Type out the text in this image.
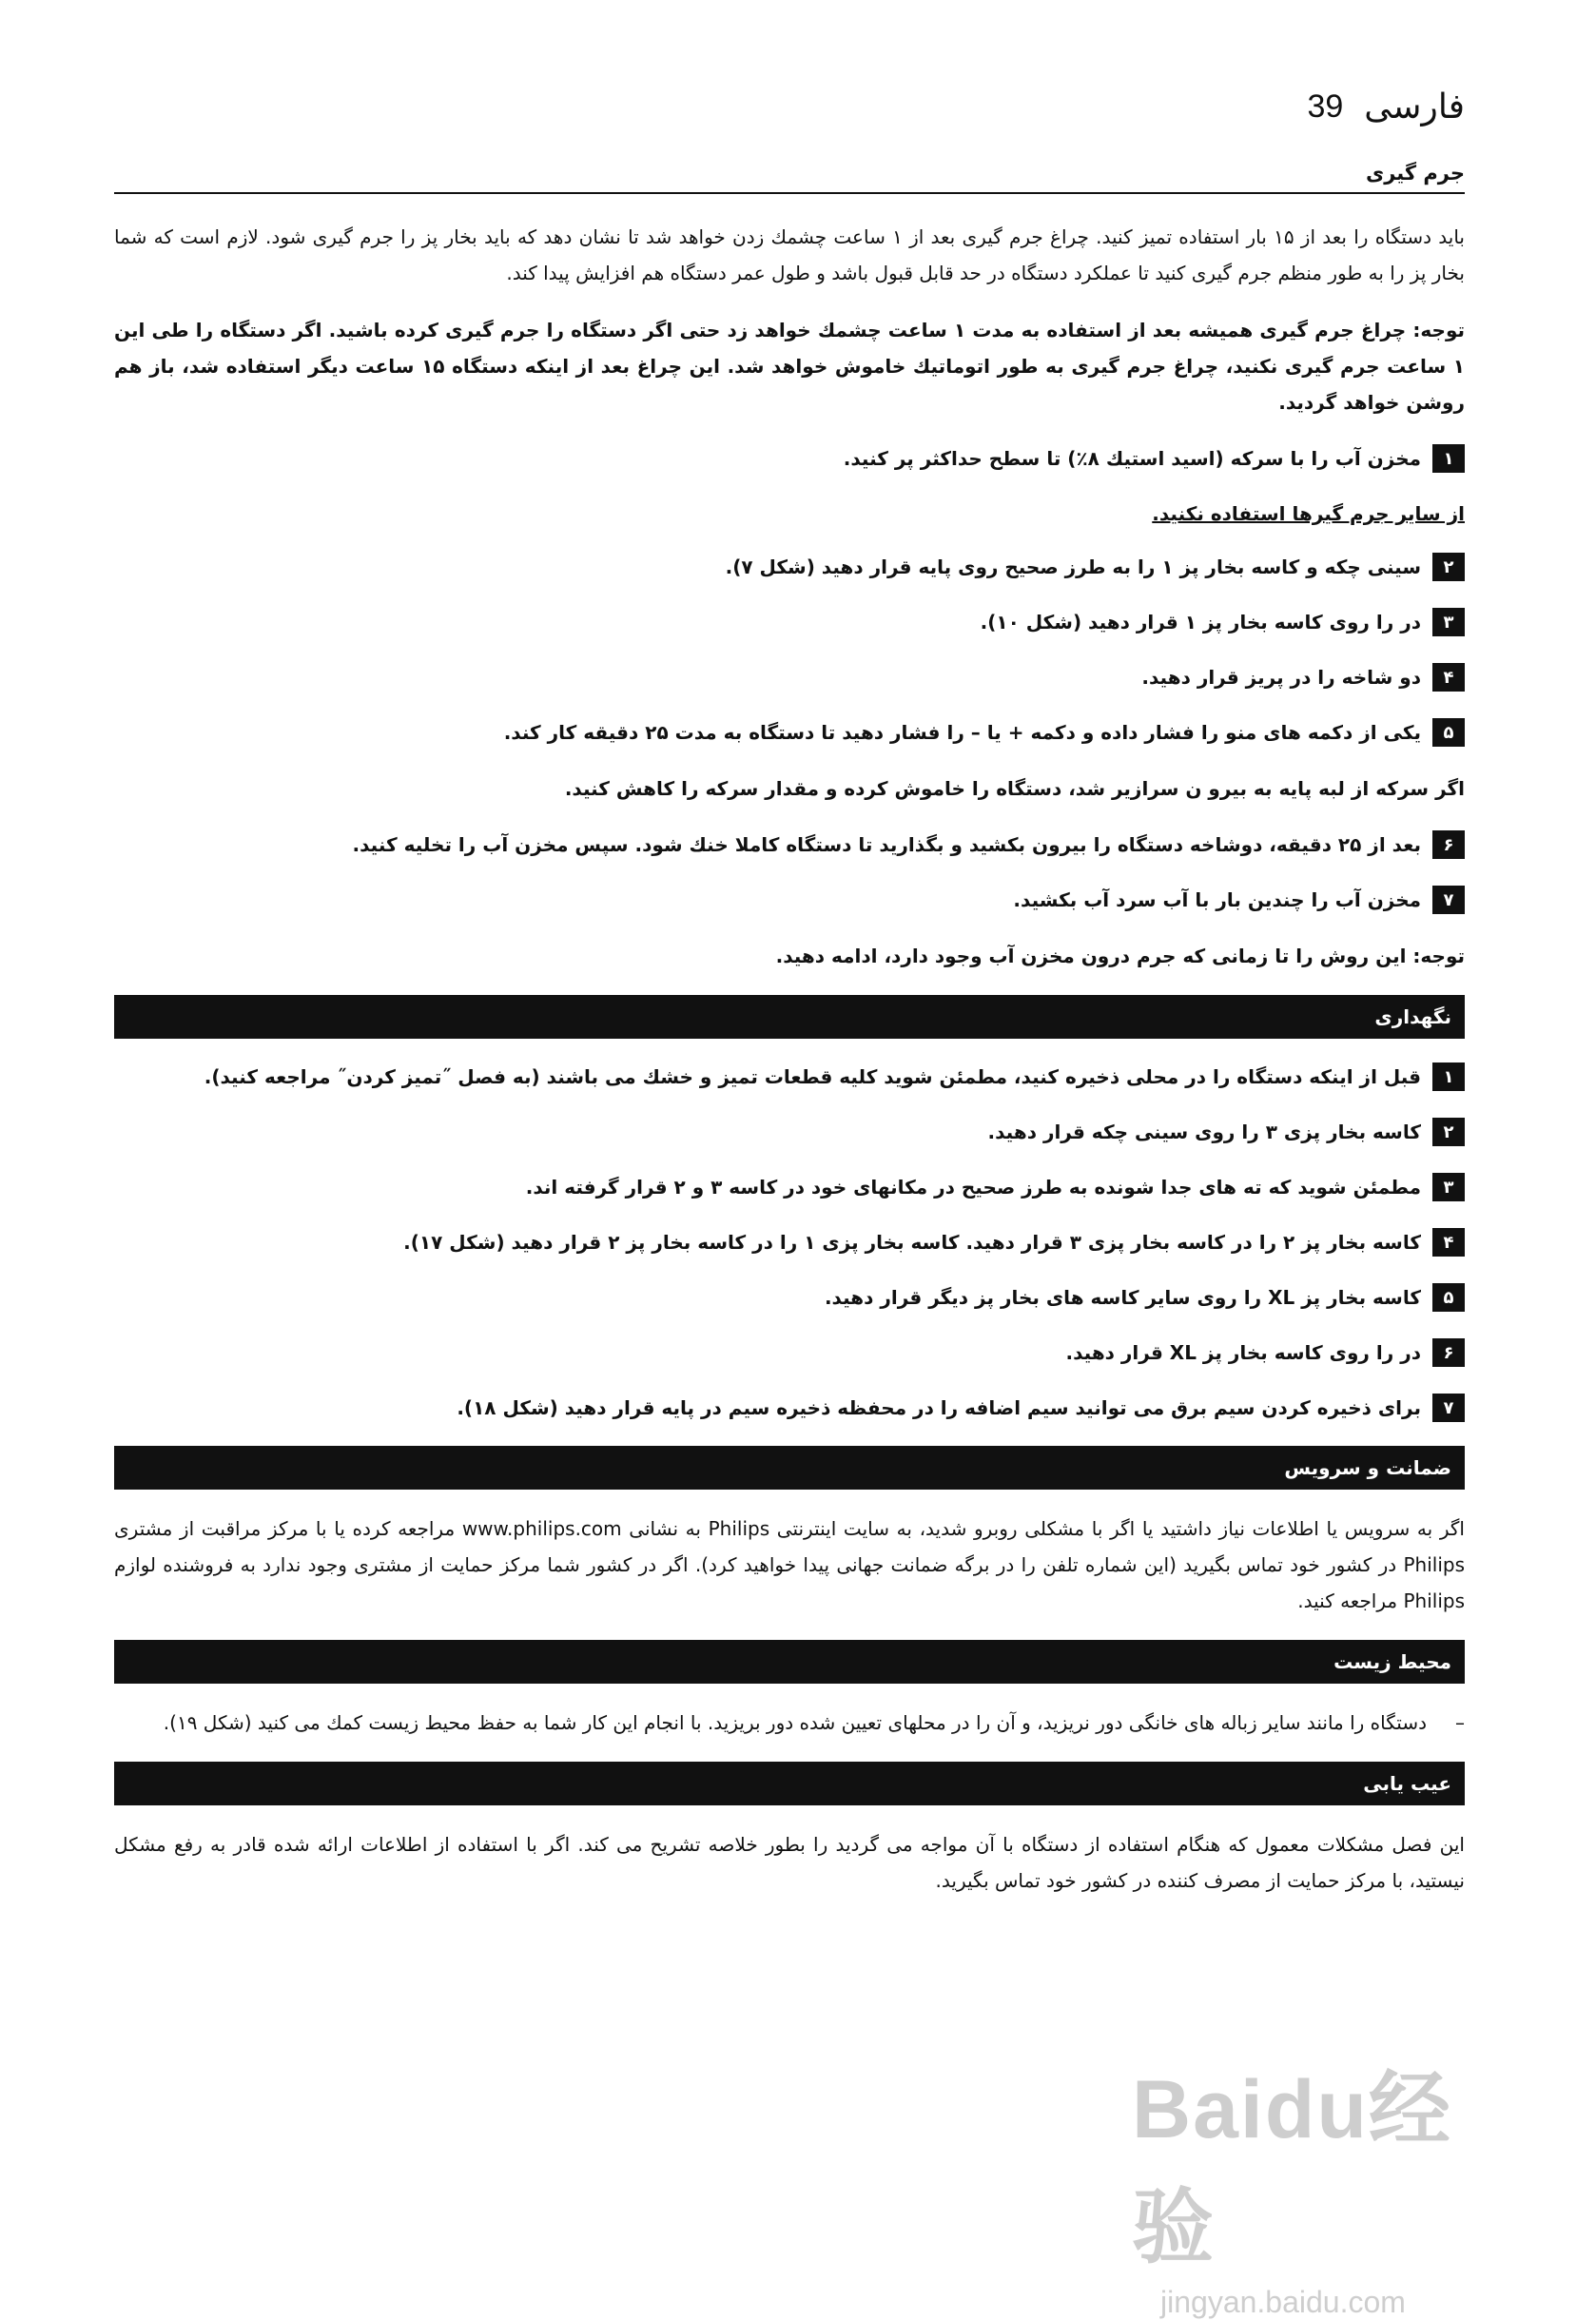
39 فارسی
جرم گیری

باید دستگاه را بعد از ۱۵ بار استفاده تمیز کنید. چراغ جرم گیری بعد از ۱ ساعت چشمك زدن خواهد شد تا نشان دهد که باید بخار پز را جرم گیری شود. لازم است که شما بخار پز را به طور منظم جرم گیری کنید تا عملکرد دستگاه در حد قابل قبول باشد و طول عمر دستگاه هم افزایش پیدا کند.

توجه: چراغ جرم گیری همیشه بعد از استفاده به مدت ۱ ساعت چشمك خواهد زد حتی اگر دستگاه را جرم گیری کرده باشید. اگر دستگاه را طی این ۱ ساعت جرم گیری نکنید، چراغ جرم گیری به طور اتوماتیك خاموش خواهد شد. این چراغ بعد از اینکه دستگاه ۱۵ ساعت دیگر استفاده شد، باز هم روشن خواهد گردید.

۱
مخزن آب را با سرکه (اسید استیك ۸٪) تا سطح حداکثر پر کنید.
از سایر جرم گیرها استفاده نکنید.
۲
سینی چکه و کاسه بخار پز ۱ را به طرز صحیح روی پایه قرار دهید (شکل ۷).
۳
در را روی کاسه بخار پز ۱ قرار دهید (شکل ۱۰).
۴
دو شاخه را در پریز قرار دهید.
۵
یکی از دکمه های منو را فشار داده و دکمه + یا – را فشار دهید تا دستگاه به مدت ۲۵ دقیقه کار کند.

اگر سرکه از لبه پایه به بیرو ن سرازیر شد، دستگاه را خاموش کرده و مقدار سرکه را کاهش کنید.

۶
بعد از ۲۵ دقیقه، دوشاخه دستگاه را بیرون بکشید و بگذارید تا دستگاه کاملا خنك شود. سپس مخزن آب را تخلیه کنید.
۷
مخزن آب را چندین بار با آب سرد آب بکشید.

توجه: این روش را تا زمانی که جرم درون مخزن آب وجود دارد، ادامه دهید.

نگهداری
۱
قبل از اینکه دستگاه را در محلی ذخیره کنید، مطمئن شوید کلیه قطعات تمیز و خشك می باشند (به فصل ˝تمیز کردن˝ مراجعه کنید).
۲
کاسه بخار پزی ۳ را روی سینی چکه قرار دهید.
۳
مطمئن شوید که ته های جدا شونده به طرز صحیح در مکانهای خود در کاسه ۳ و ۲ قرار گرفته اند.
۴
کاسه بخار پز ۲ را در کاسه بخار پزی ۳ قرار دهید. کاسه بخار پزی ۱ را در کاسه بخار پز ۲ قرار دهید (شکل ۱۷).
۵
کاسه بخار پز XL را روی سایر کاسه های بخار پز دیگر قرار دهید.
۶
در را روی کاسه بخار پز XL قرار دهید.
۷
برای ذخیره کردن سیم برق می توانید سیم اضافه را در محفظه ذخیره سیم در پایه قرار دهید (شکل ۱۸).
ضمانت و سرویس

اگر به سرویس یا اطلاعات نیاز داشتید یا اگر با مشکلی روبرو شدید، به سایت اینترنتی Philips به نشانی www.philips.com مراجعه کرده یا با مرکز مراقبت از مشتری Philips در کشور خود تماس بگیرید (این شماره تلفن را در برگه ضمانت جهانی پیدا خواهید کرد). اگر در کشور شما مرکز حمایت از مشتری وجود ندارد به فروشنده لوازم Philips مراجعه کنید.

محیط زیست
–
دستگاه را مانند سایر زباله های خانگی دور نریزید، و آن را در محلهای تعیین شده دور بریزید. با انجام این کار شما به حفظ محیط زیست کمك می کنید (شکل ۱۹).
عیب یابی

این فصل مشکلات معمول که هنگام استفاده از دستگاه با آن مواجه می گردید را بطور خلاصه تشریح می کند. اگر با استفاده از اطلاعات ارائه شده قادر به رفع مشکل نیستید، با مرکز حمایت از مصرف کننده در کشور خود تماس بگیرید.

Baidu经验
jingyan.baidu.com
